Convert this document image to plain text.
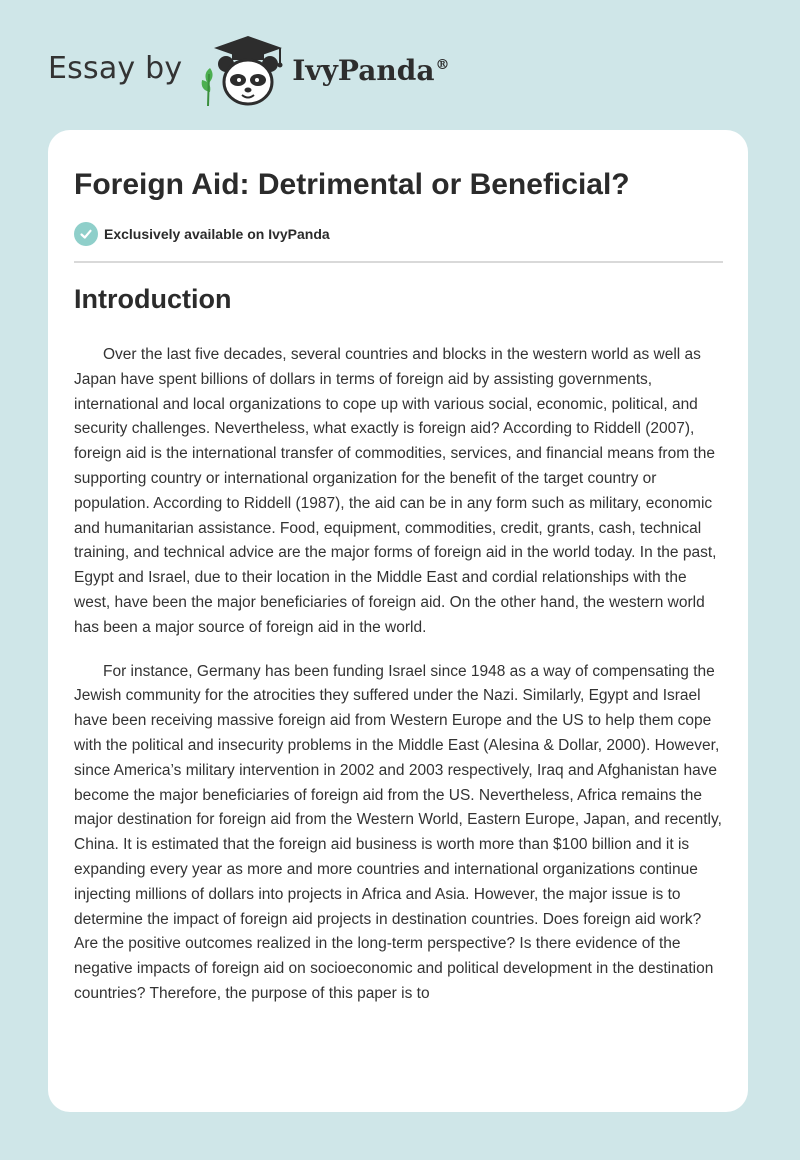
Essay by	IvyPanda®
Foreign Aid: Detrimental or Beneficial?
Exclusively available on IvyPanda
Introduction

Over the last five decades, several countries and blocks in the western world as well as Japan have spent billions of dollars in terms of foreign aid by assisting governments, international and local organizations to cope up with various social, economic, political, and security challenges. Nevertheless, what exactly is foreign aid? According to Riddell (2007), foreign aid is the international transfer of commodities, services, and financial means from the supporting country or international organization for the benefit of the target country or population. According to Riddell (1987), the aid can be in any form such as military, economic and humanitarian assistance. Food, equipment, commodities, credit, grants, cash, technical training, and technical advice are the major forms of foreign aid in the world today. In the past, Egypt and Israel, due to their location in the Middle East and cordial relationships with the west, have been the major beneficiaries of foreign aid. On the other hand, the western world has been a major source of foreign aid in the world.

For instance, Germany has been funding Israel since 1948 as a way of compensating the Jewish community for the atrocities they suffered under the Nazi. Similarly, Egypt and Israel have been receiving massive foreign aid from Western Europe and the US to help them cope with the political and insecurity problems in the Middle East (Alesina & Dollar, 2000). However, since America’s military intervention in 2002 and 2003 respectively, Iraq and Afghanistan have become the major beneficiaries of foreign aid from the US. Nevertheless, Africa remains the major destination for foreign aid from the Western World, Eastern Europe, Japan, and recently, China. It is estimated that the foreign aid business is worth more than $100 billion and it is expanding every year as more and more countries and international organizations continue injecting millions of dollars into projects in Africa and Asia. However, the major issue is to determine the impact of foreign aid projects in destination countries. Does foreign aid work? Are the positive outcomes realized in the long-term perspective? Is there evidence of the negative impacts of foreign aid on socioeconomic and political development in the destination countries? Therefore, the purpose of this paper is to
